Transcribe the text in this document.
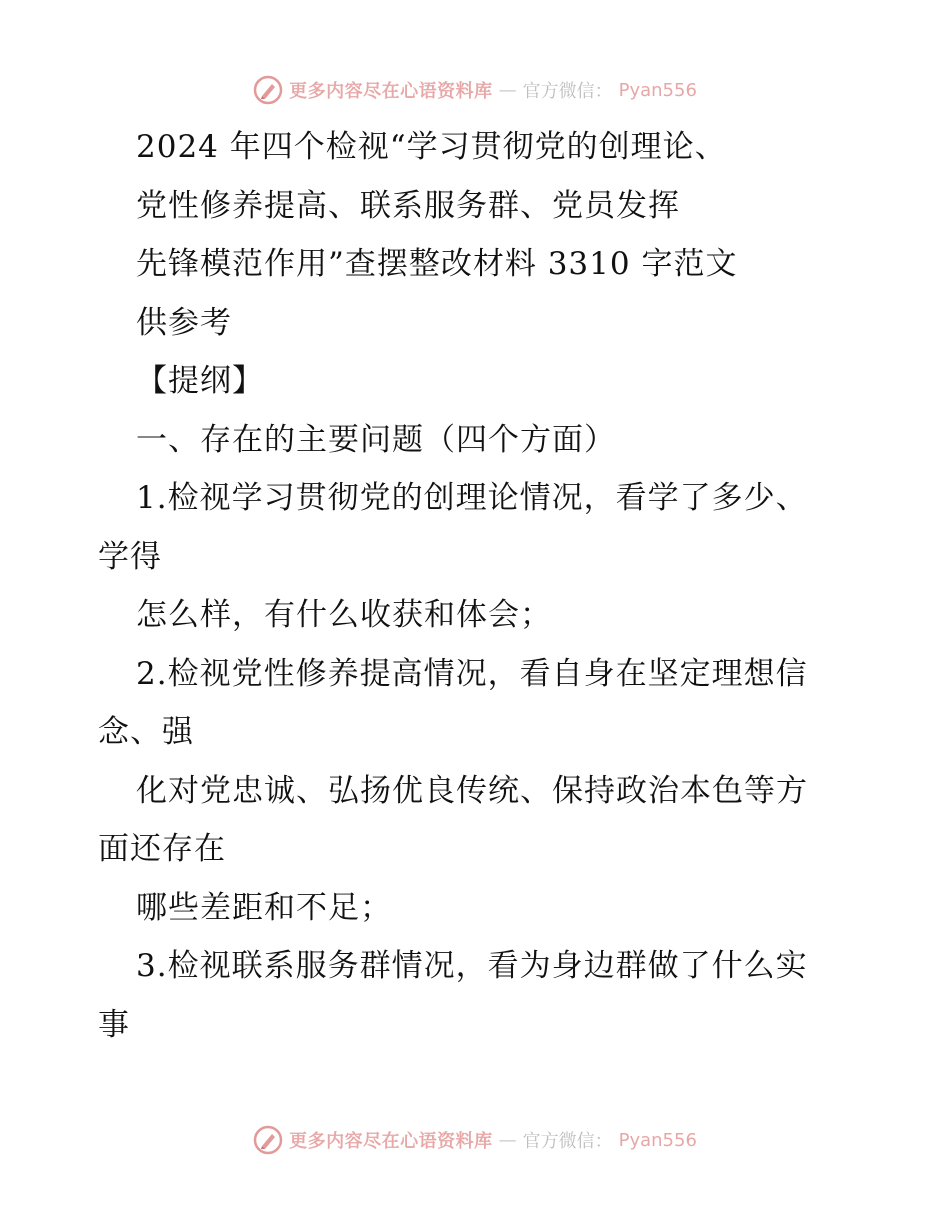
更多内容尽在心语资料库 — 官方微信： Pyan556
2024 年四个检视“学习贯彻党的创理论、
党性修养提高、联系服务群、党员发挥
先锋模范作用”查摆整改材料 3310 字范文
供参考
【提纲】
一、存在的主要问题（四个方面）
1.检视学习贯彻党的创理论情况，看学了多少、
学得
怎么样，有什么收获和体会；
2.检视党性修养提高情况，看自身在坚定理想信
念、强
化对党忠诚、弘扬优良传统、保持政治本色等方
面还存在
哪些差距和不足；
3.检视联系服务群情况，看为身边群做了什么实
事
更多内容尽在心语资料库 — 官方微信： Pyan556
